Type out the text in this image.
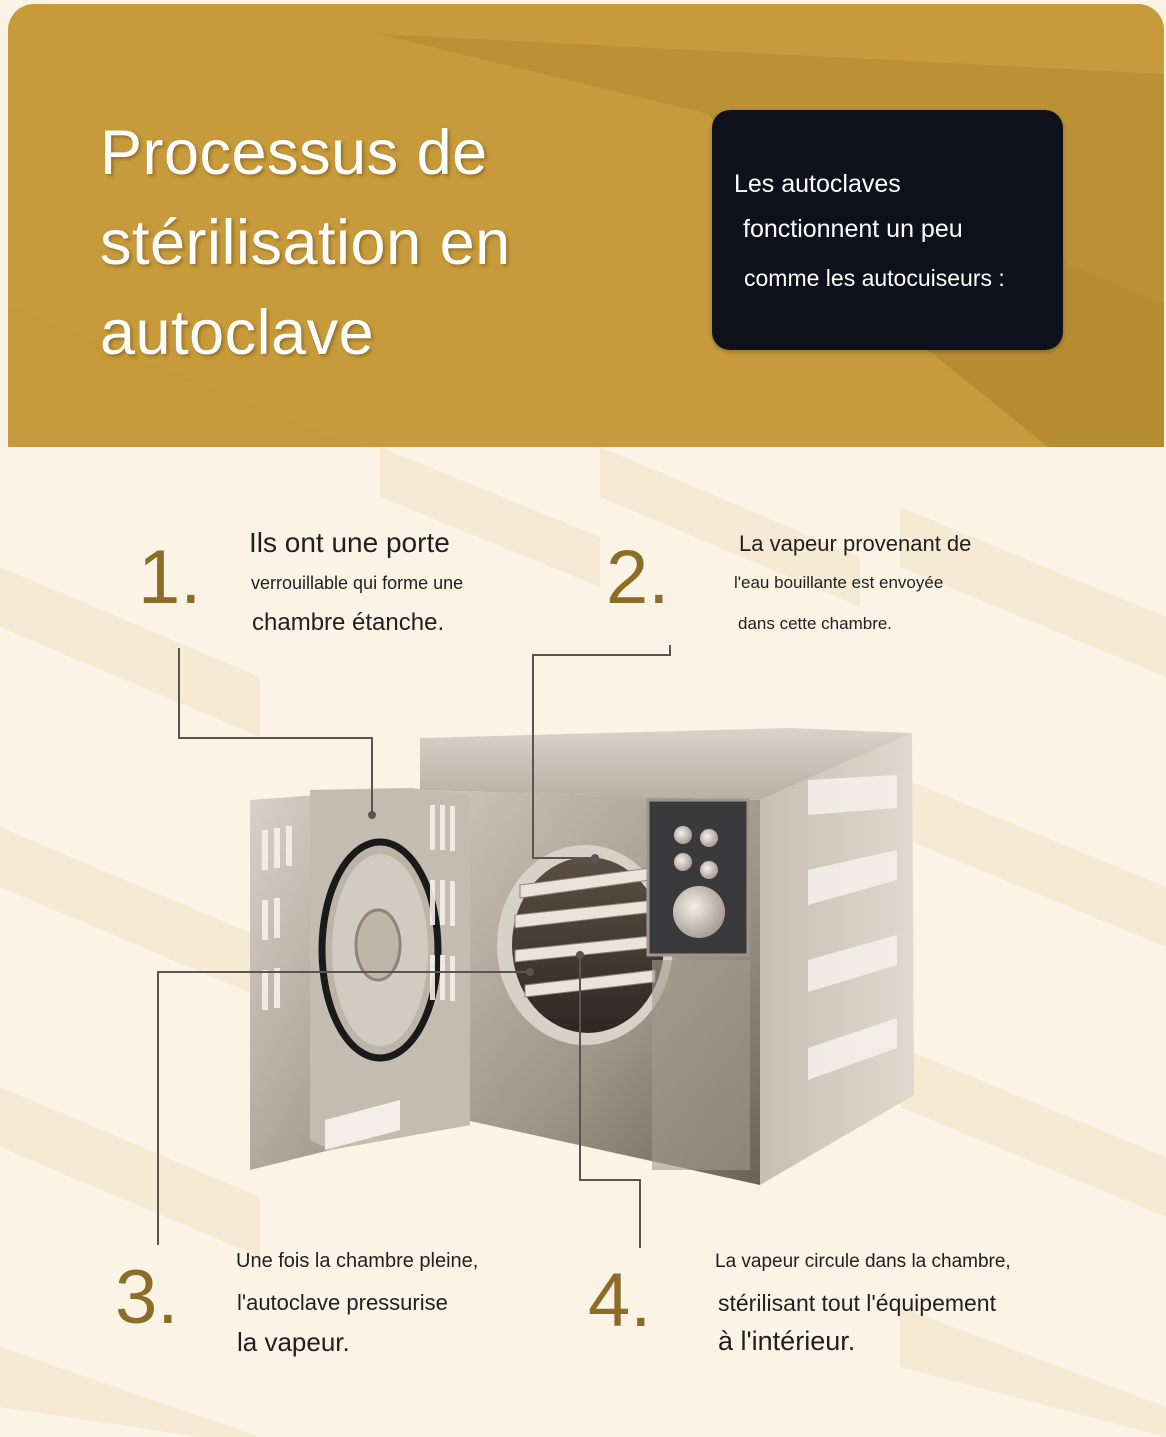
Processus de
stérilisation en
autoclave
Les autoclaves
fonctionnent un peu
comme les autocuiseurs :
1. Ils ont une porte
verrouillable qui forme une
chambre étanche.
2.	La vapeur provenant de
l'eau bouillante est envoyée
dans cette chambre.
3.	Une fois la chambre pleine,
l'autoclave pressurise
la vapeur.	4.	La vapeur circule dans la chambre,
stérilisant tout l'équipement
à l'intérieur.
